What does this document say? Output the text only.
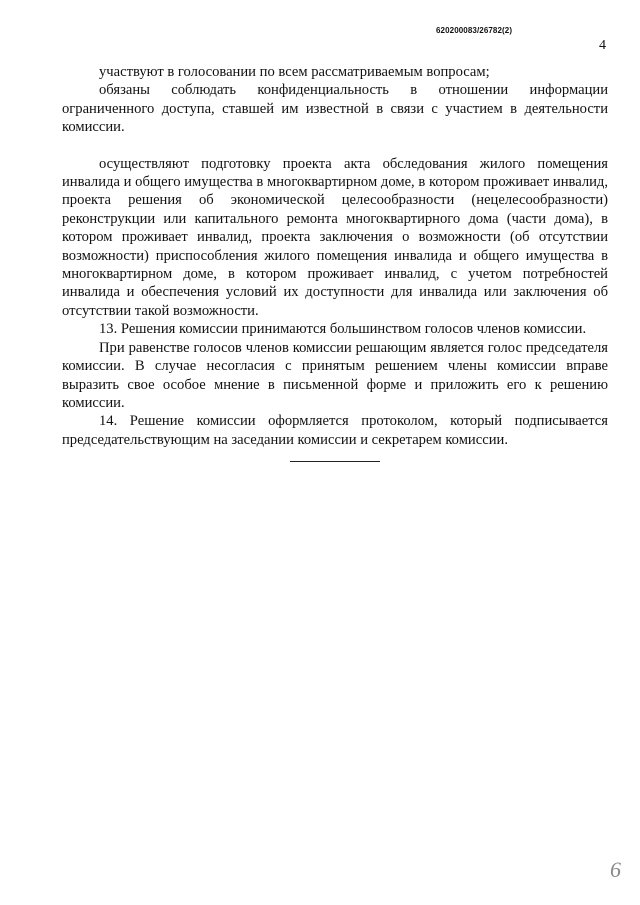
620200083/26782(2)
4

участвуют в голосовании по всем рассматриваемым вопросам;

обязаны соблюдать конфиденциальность в отношении информации ограниченного доступа, ставшей им известной в связи с участием в деятельности комиссии.

осуществляют подготовку проекта акта обследования жилого помещения инвалида и общего имущества в многоквартирном доме, в котором проживает инвалид, проекта решения об экономической целесообразности (нецелесообразности) реконструкции или капитального ремонта многоквартирного дома (части дома), в котором проживает инвалид, проекта заключения о возможности (об отсутствии возможности) приспособления жилого помещения инвалида и общего имущества в многоквартирном доме, в котором проживает инвалид, с учетом потребностей инвалида и обеспечения условий их доступности для инвалида или заключения об отсутствии такой возможности.

13. Решения комиссии принимаются большинством голосов членов комиссии.

При равенстве голосов членов комиссии решающим является голос председателя комиссии. В случае несогласия с принятым решением члены комиссии вправе выразить свое особое мнение в письменной форме и приложить его к решению комиссии.

14. Решение комиссии оформляется протоколом, который подписывается председательствующим на заседании комиссии и секретарем комиссии.

6
